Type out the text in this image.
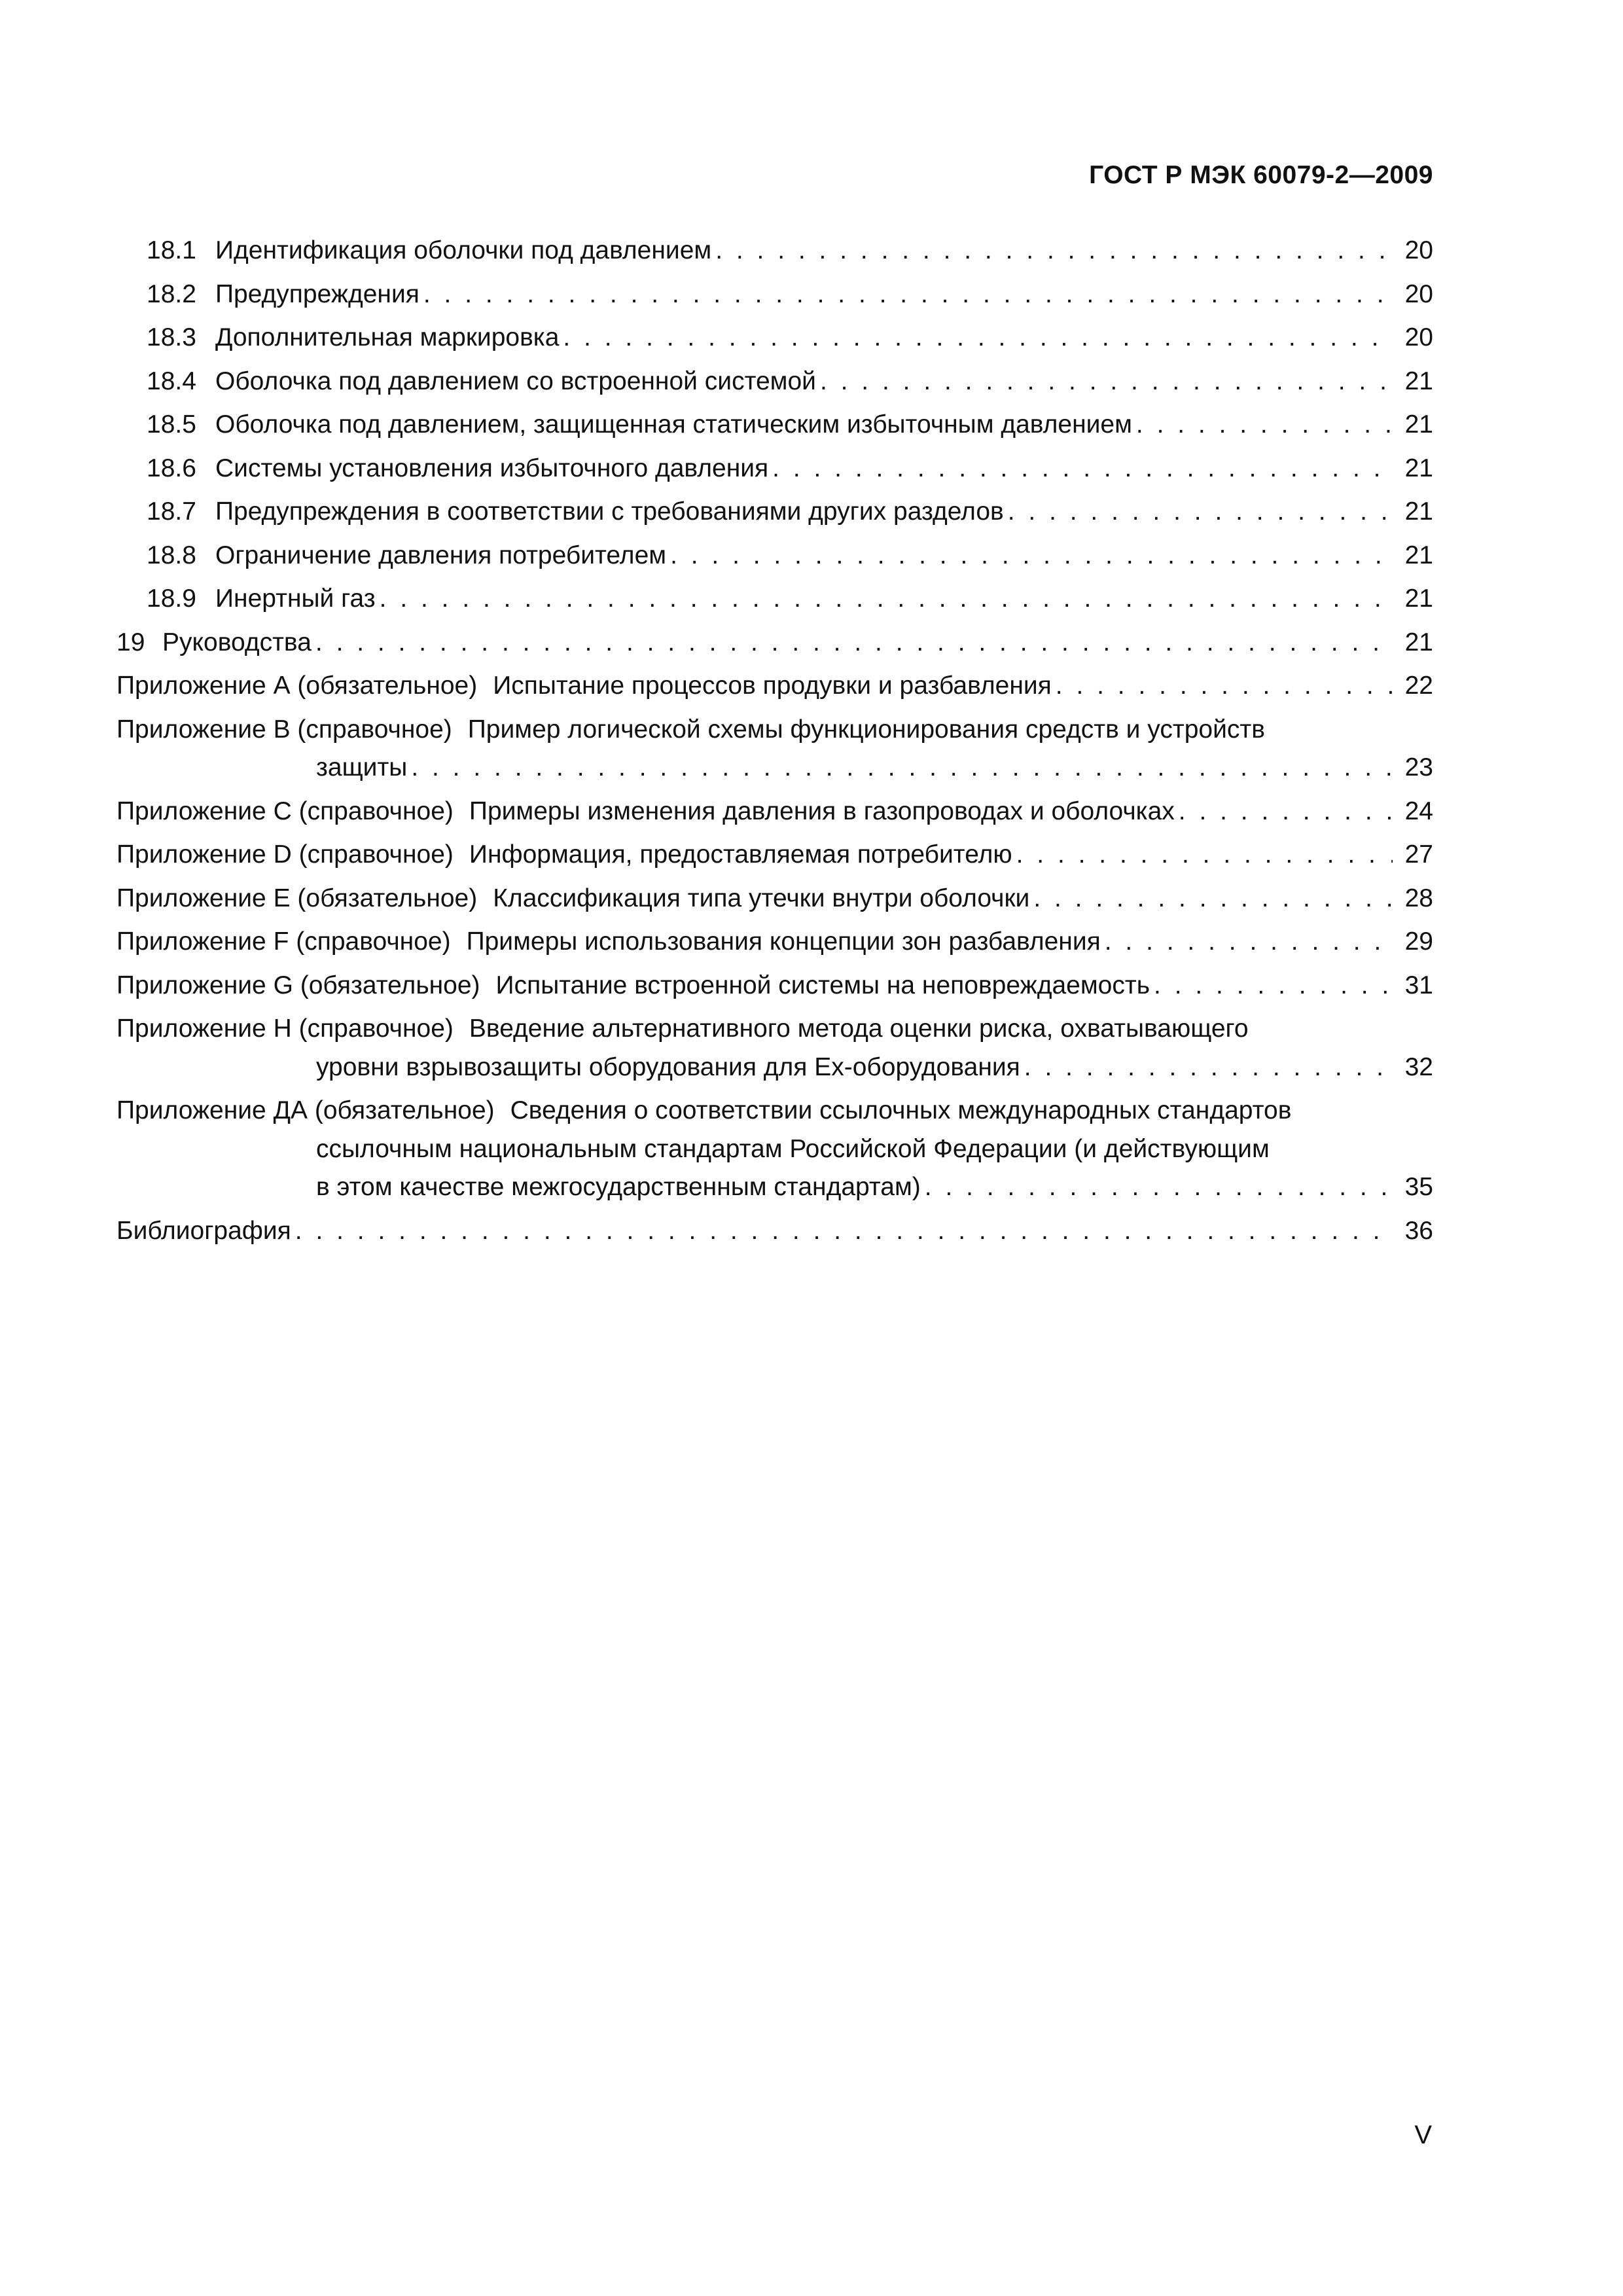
ГОСТ Р МЭК 60079-2—2009
18.1 Идентификация оболочки под давлением . . .	20
18.2 Предупреждения . . .	20
18.3 Дополнительная маркировка . . .	20
18.4 Оболочка под давлением со встроенной системой . . .	21
18.5 Оболочка под давлением, защищенная статическим избыточным давлением . . .	21
18.6 Системы установления избыточного давления . . .	21
18.7 Предупреждения в соответствии с требованиями других разделов . . .	21
18.8 Ограничение давления потребителем . . .	21
18.9 Инертный газ . . .	21
19 Руководства . . .	21
Приложение А (обязательное) Испытание процессов продувки и разбавления . . .	22
Приложение В (справочное) Пример логической схемы функционирования средств и устройств
защиты . . .	23
Приложение С (справочное) Примеры изменения давления в газопроводах и оболочках . . .	24
Приложение D (справочное) Информация, предоставляемая потребителю . . .	27
Приложение Е (обязательное) Классификация типа утечки внутри оболочки . . .	28
Приложение F (справочное) Примеры использования концепции зон разбавления . . .	29
Приложение G (обязательное) Испытание встроенной системы на неповреждаемость . . .	31
Приложение Н (справочное) Введение альтернативного метода оценки риска, охватывающего
уровни взрывозащиты оборудования для Ex-оборудования . . .	32
Приложение ДА (обязательное) Сведения о соответствии ссылочных международных стандартов
ссылочным национальным стандартам Российской Федерации (и действующим
в этом качестве межгосударственным стандартам) . . .	35
Библиография . . .	36
V
